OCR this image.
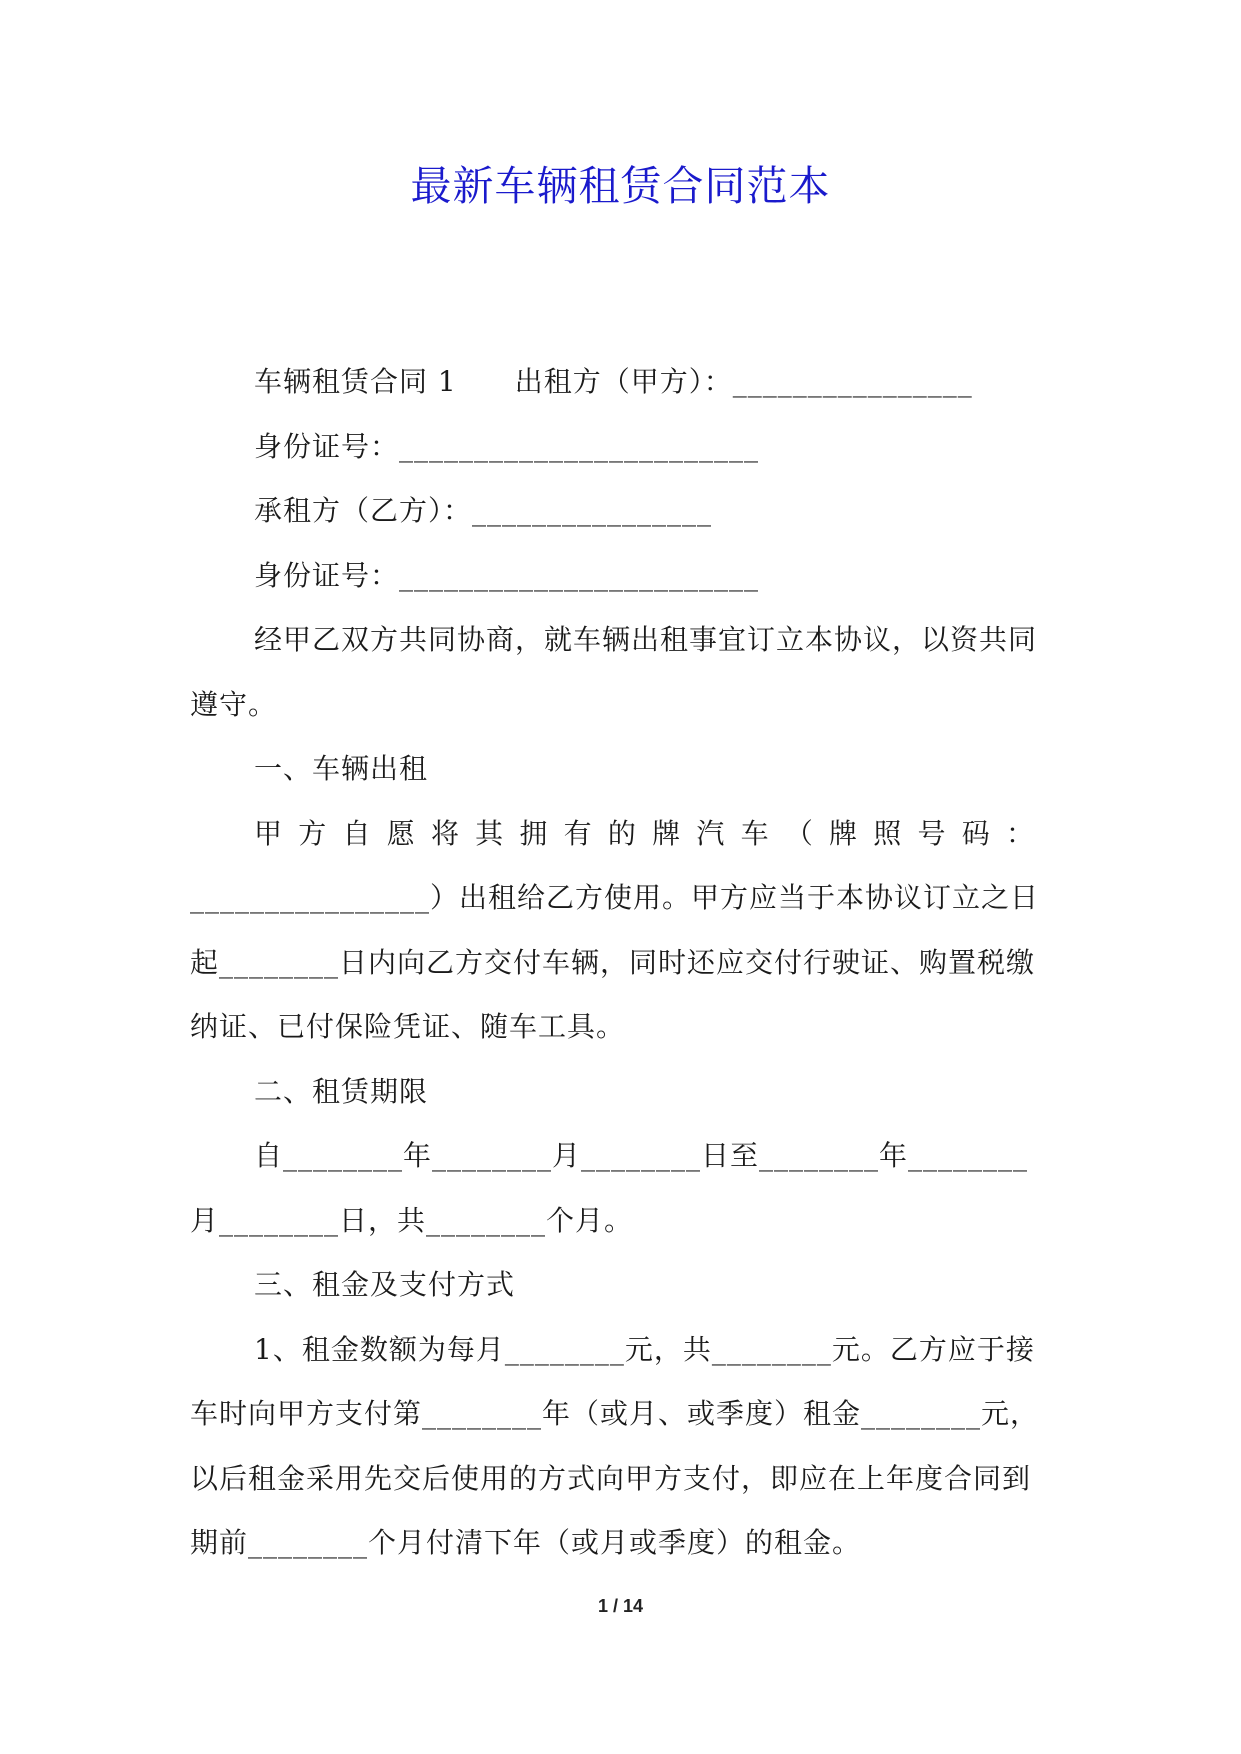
最新车辆租赁合同范本

车辆租赁合同 1　　出租方（甲方）：________________

身份证号：________________________

承租方（乙方）：________________

身份证号：________________________

经甲乙双方共同协商，就车辆出租事宜订立本协议，以资共同遵守。

一、车辆出租

甲方自愿将其拥有的牌汽车（牌照号码：

________________）出租给乙方使用。甲方应当于本协议订立之日起________日内向乙方交付车辆，同时还应交付行驶证、购置税缴纳证、已付保险凭证、随车工具。

二、租赁期限

自________年________月________日至________年________月________日，共________个月。

三、租金及支付方式

1、租金数额为每月________元，共________元。乙方应于接车时向甲方支付第________年（或月、或季度）租金________元，以后租金采用先交后使用的方式向甲方支付，即应在上年度合同到期前________个月付清下年（或月或季度）的租金。

1 / 14
